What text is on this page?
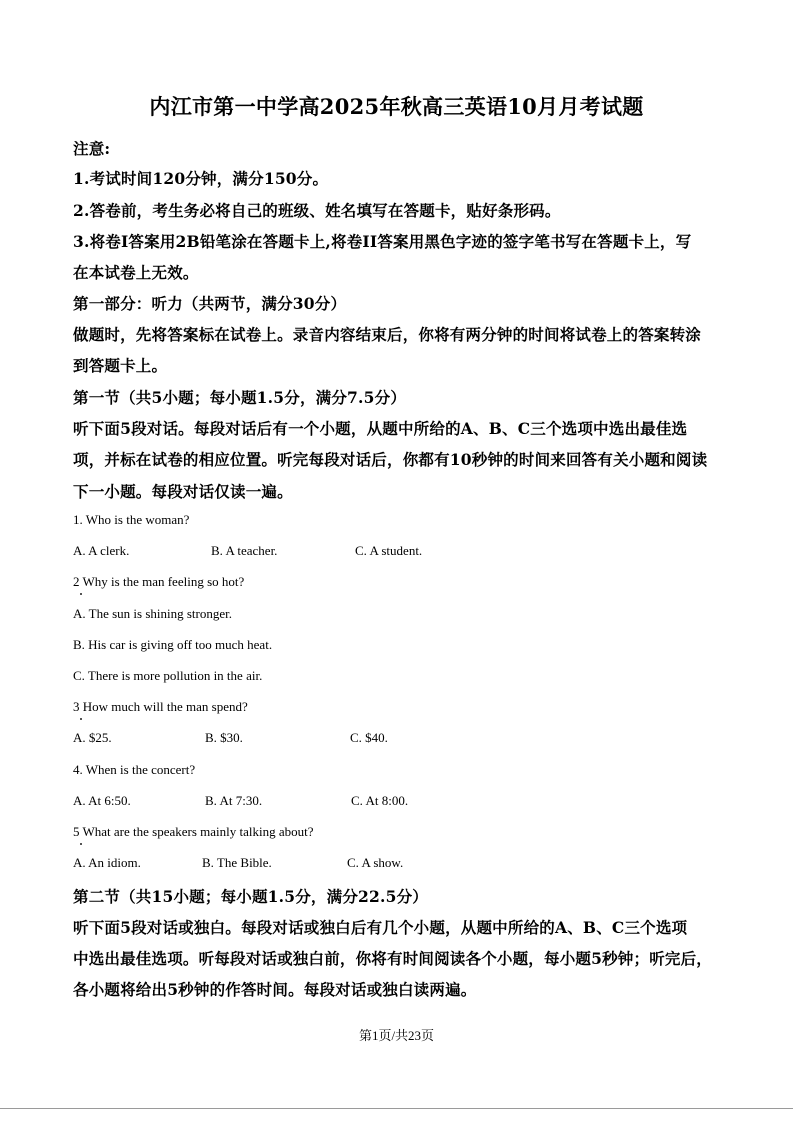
内江市第一中学高2025年秋高三英语10月月考试题
注意:
1.考试时间120分钟，满分150分。
2.答卷前，考生务必将自己的班级、姓名填写在答题卡，贴好条形码。
3.将卷I答案用2B铅笔涂在答题卡上,将卷II答案用黑色字迹的签字笔书写在答题卡上，写
在本试卷上无效。
第一部分：听力（共两节，满分30分）
做题时，先将答案标在试卷上。录音内容结束后，你将有两分钟的时间将试卷上的答案转涂
到答题卡上。
第一节（共5小题；每小题1.5分，满分7.5分）
听下面5段对话。每段对话后有一个小题，从题中所给的A、B、C三个选项中选出最佳选
项，并标在试卷的相应位置。听完每段对话后，你都有10秒钟的时间来回答有关小题和阅读
下一小题。每段对话仅读一遍。
1. Who is the woman?
A. A clerk.	B. A teacher.	C. A student.
2 Why is the man feeling so hot?
A. The sun is shining stronger.
B. His car is giving off too much heat.
C. There is more pollution in the air.
3 How much will the man spend?
A. $25.	B. $30.	C. $40.
4. When is the concert?
A. At 6:50.	B. At 7:30.	C. At 8:00.
5 What are the speakers mainly talking about?
A. An idiom.	B. The Bible.	C. A show.
第二节（共15小题；每小题1.5分，满分22.5分）
听下面5段对话或独白。每段对话或独白后有几个小题，从题中所给的A、B、C三个选项
中选出最佳选项。听每段对话或独白前，你将有时间阅读各个小题，每小题5秒钟；听完后，
各小题将给出5秒钟的作答时间。每段对话或独白读两遍。
第1页/共23页
